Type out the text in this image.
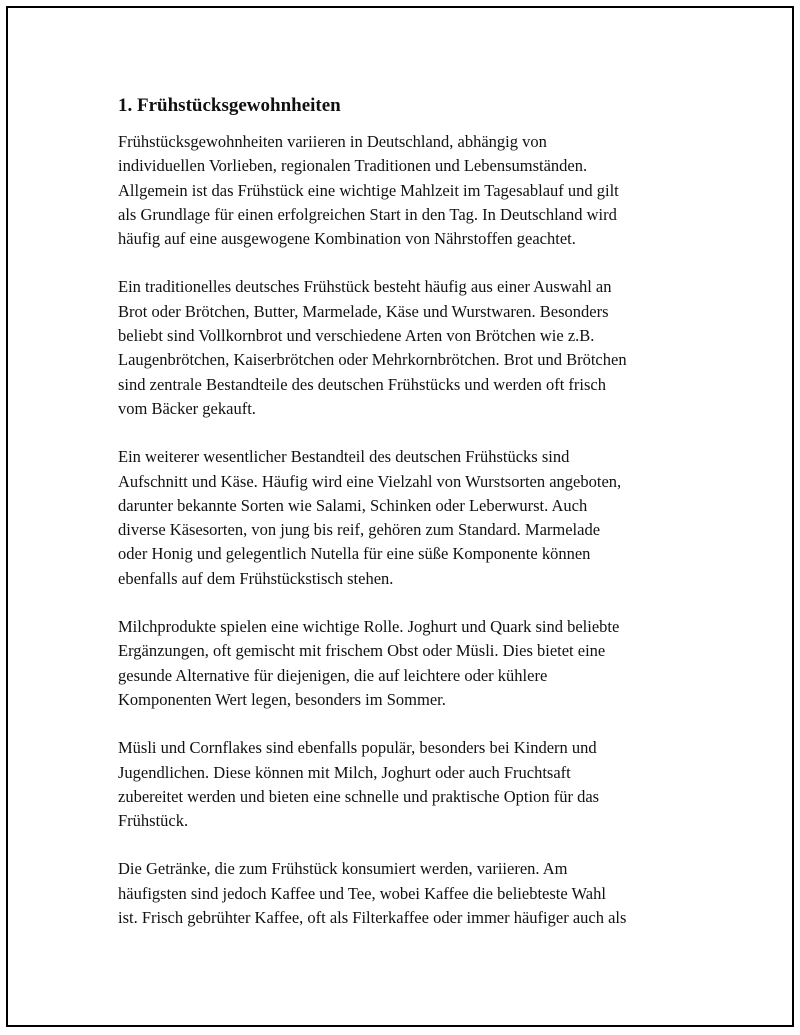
1. Frühstücksgewohnheiten
Frühstücksgewohnheiten variieren in Deutschland, abhängig von
individuellen Vorlieben, regionalen Traditionen und Lebensumständen.
Allgemein ist das Frühstück eine wichtige Mahlzeit im Tagesablauf und gilt
als Grundlage für einen erfolgreichen Start in den Tag. In Deutschland wird
häufig auf eine ausgewogene Kombination von Nährstoffen geachtet.
Ein traditionelles deutsches Frühstück besteht häufig aus einer Auswahl an
Brot oder Brötchen, Butter, Marmelade, Käse und Wurstwaren. Besonders
beliebt sind Vollkornbrot und verschiedene Arten von Brötchen wie z.B.
Laugenbrötchen, Kaiserbrötchen oder Mehrkornbrötchen. Brot und Brötchen
sind zentrale Bestandteile des deutschen Frühstücks und werden oft frisch
vom Bäcker gekauft.
Ein weiterer wesentlicher Bestandteil des deutschen Frühstücks sind
Aufschnitt und Käse. Häufig wird eine Vielzahl von Wurstsorten angeboten,
darunter bekannte Sorten wie Salami, Schinken oder Leberwurst. Auch
diverse Käsesorten, von jung bis reif, gehören zum Standard. Marmelade
oder Honig und gelegentlich Nutella für eine süße Komponente können
ebenfalls auf dem Frühstückstisch stehen.
Milchprodukte spielen eine wichtige Rolle. Joghurt und Quark sind beliebte
Ergänzungen, oft gemischt mit frischem Obst oder Müsli. Dies bietet eine
gesunde Alternative für diejenigen, die auf leichtere oder kühlere
Komponenten Wert legen, besonders im Sommer.
Müsli und Cornflakes sind ebenfalls populär, besonders bei Kindern und
Jugendlichen. Diese können mit Milch, Joghurt oder auch Fruchtsaft
zubereitet werden und bieten eine schnelle und praktische Option für das
Frühstück.
Die Getränke, die zum Frühstück konsumiert werden, variieren. Am
häufigsten sind jedoch Kaffee und Tee, wobei Kaffee die beliebteste Wahl
ist. Frisch gebrühter Kaffee, oft als Filterkaffee oder immer häufiger auch als
